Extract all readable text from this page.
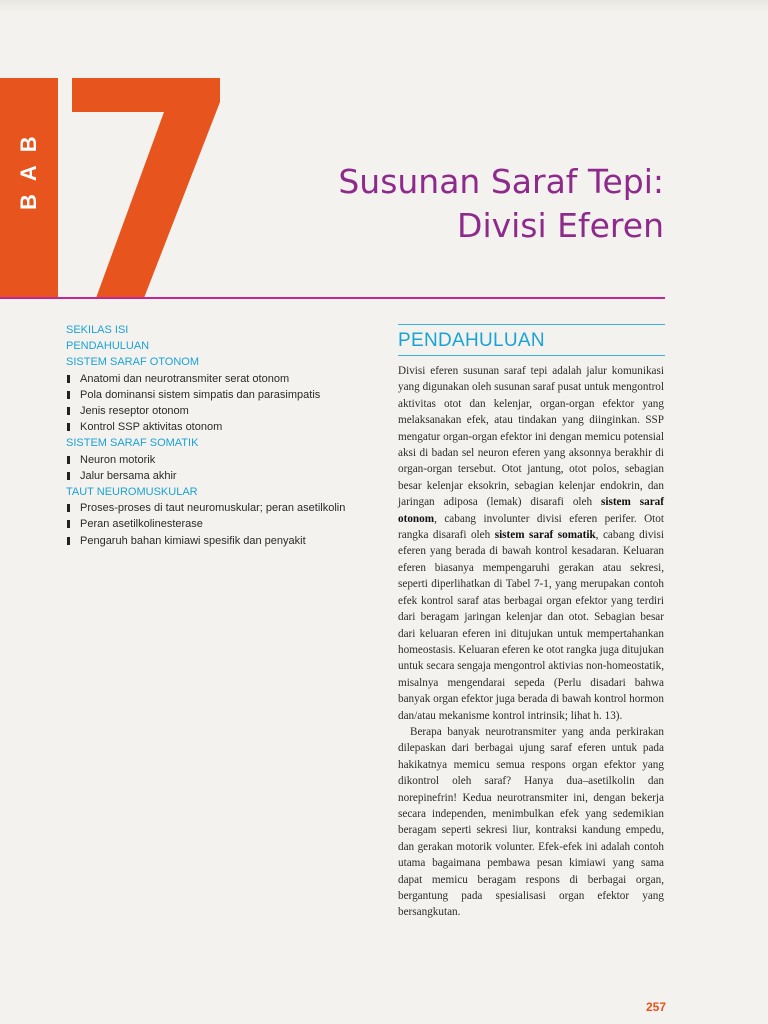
BAB	Susunan Saraf Tepi:
Divisi Eferen
SEKILAS ISI
PENDAHULUAN
SISTEM SARAF OTONOM
Anatomi dan neurotransmiter serat otonom
Pola dominansi sistem simpatis dan parasimpatis
Jenis reseptor otonom
Kontrol SSP aktivitas otonom
SISTEM SARAF SOMATIK
Neuron motorik
Jalur bersama akhir
TAUT NEUROMUSKULAR
Proses-proses di taut neuromuskular; peran asetilkolin
Peran asetilkolinesterase
Pengaruh bahan kimiawi spesifik dan penyakit
PENDAHULUAN

Divisi eferen susunan saraf tepi adalah jalur komunikasi yang digunakan oleh susunan saraf pusat untuk mengontrol aktivitas otot dan kelenjar, organ-organ efektor yang melaksanakan efek, atau tindakan yang diinginkan. SSP mengatur organ-organ efektor ini dengan memicu potensial aksi di badan sel neuron eferen yang aksonnya berakhir di organ-organ tersebut. Otot jantung, otot polos, sebagian besar kelenjar eksokrin, sebagian kelenjar endokrin, dan jaringan adiposa (lemak) disarafi oleh sistem saraf otonom, cabang involunter divisi eferen perifer. Otot rangka disarafi oleh sistem saraf somatik, cabang divisi eferen yang berada di bawah kontrol kesadaran. Keluaran eferen biasanya mempengaruhi gerakan atau sekresi, seperti diperlihatkan di Tabel 7-1, yang merupakan contoh efek kontrol saraf atas berbagai organ efektor yang terdiri dari beragam jaringan kelenjar dan otot. Sebagian besar dari keluaran eferen ini ditujukan untuk mempertahankan homeostasis. Keluaran eferen ke otot rangka juga ditujukan untuk secara sengaja mengontrol aktivias non-homeostatik, misalnya mengendarai sepeda (Perlu disadari bahwa banyak organ efektor juga berada di bawah kontrol hormon dan/atau mekanisme kontrol intrinsik; lihat h. 13).

Berapa banyak neurotransmiter yang anda perkirakan dilepaskan dari berbagai ujung saraf eferen untuk pada hakikatnya memicu semua respons organ efektor yang dikontrol oleh saraf? Hanya dua–asetilkolin dan norepinefrin! Kedua neurotransmiter ini, dengan bekerja secara independen, menimbulkan efek yang sedemikian beragam seperti sekresi liur, kontraksi kandung empedu, dan gerakan motorik volunter. Efek-efek ini adalah contoh utama bagaimana pembawa pesan kimiawi yang sama dapat memicu beragam respons di berbagai organ, bergantung pada spesialisasi organ efektor yang bersangkutan.

257
